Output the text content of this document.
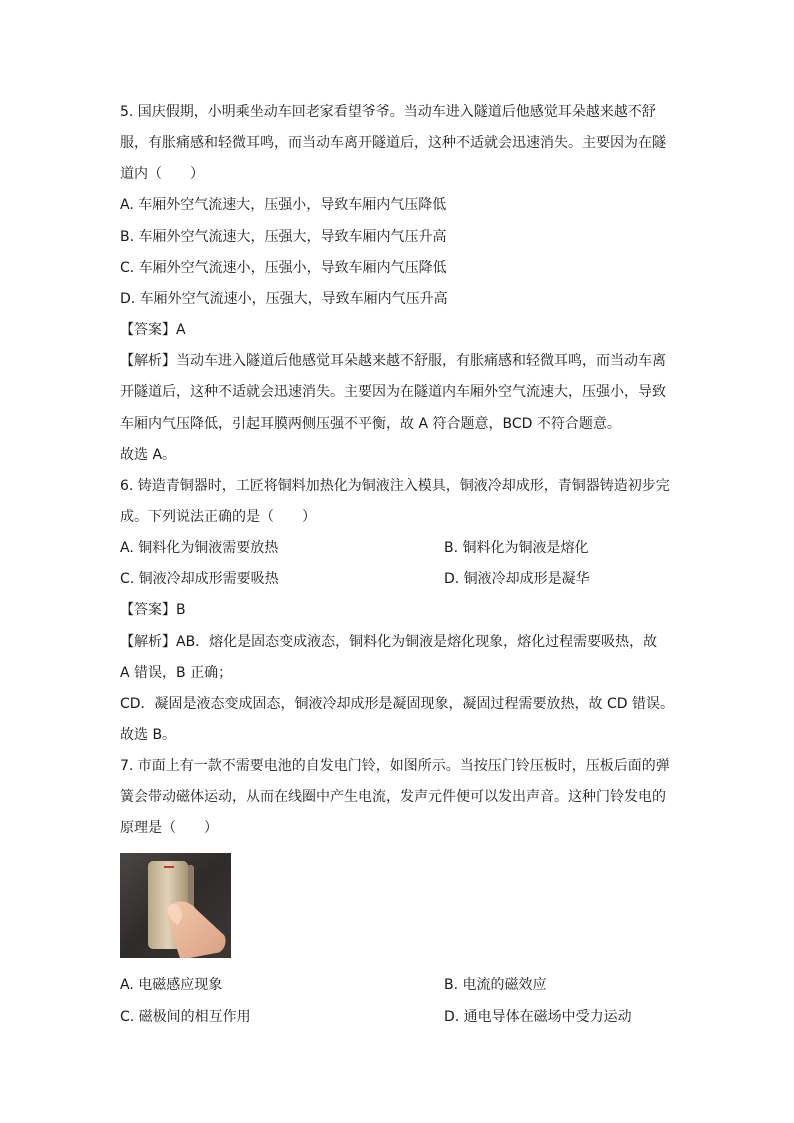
5. 国庆假期，小明乘坐动车回老家看望爷爷。当动车进入隧道后他感觉耳朵越来越不舒
服，有胀痛感和轻微耳鸣，而当动车离开隧道后，这种不适就会迅速消失。主要因为在隧
道内（　　）
A. 车厢外空气流速大，压强小，导致车厢内气压降低
B. 车厢外空气流速大，压强大，导致车厢内气压升高
C. 车厢外空气流速小，压强小，导致车厢内气压降低
D. 车厢外空气流速小，压强大，导致车厢内气压升高
【答案】A
【解析】当动车进入隧道后他感觉耳朵越来越不舒服，有胀痛感和轻微耳鸣，而当动车离
开隧道后，这种不适就会迅速消失。主要因为在隧道内车厢外空气流速大，压强小，导致
车厢内气压降低，引起耳膜两侧压强不平衡，故 A 符合题意，BCD 不符合题意。
故选 A。
6. 铸造青铜器时，工匠将铜料加热化为铜液注入模具，铜液冷却成形，青铜器铸造初步完
成。下列说法正确的是（　　）
A. 铜料化为铜液需要放热	B. 铜料化为铜液是熔化
C. 铜液冷却成形需要吸热	D. 铜液冷却成形是凝华
【答案】B
【解析】AB．熔化是固态变成液态，铜料化为铜液是熔化现象，熔化过程需要吸热，故
A 错误，B 正确；
CD．凝固是液态变成固态，铜液冷却成形是凝固现象，凝固过程需要放热，故 CD 错误。
故选 B。
7. 市面上有一款不需要电池的自发电门铃，如图所示。当按压门铃压板时，压板后面的弹
簧会带动磁体运动，从而在线圈中产生电流，发声元件便可以发出声音。这种门铃发电的
原理是（　　）
A. 电磁感应现象	B. 电流的磁效应
C. 磁极间的相互作用	D. 通电导体在磁场中受力运动
